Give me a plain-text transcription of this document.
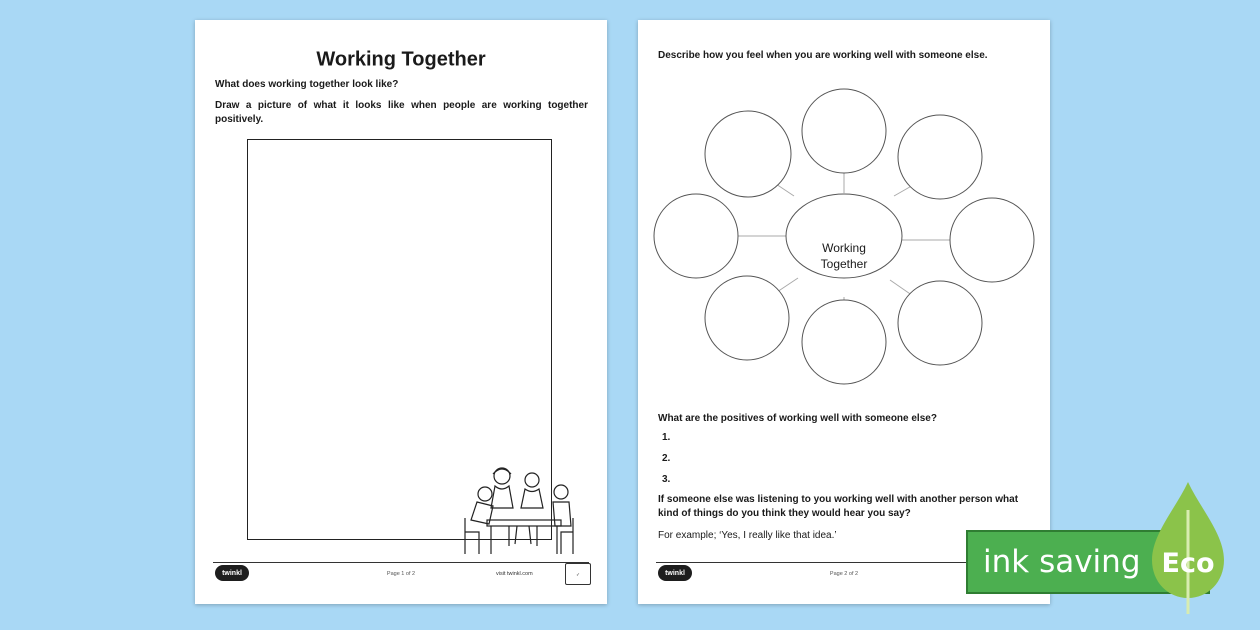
Working Together
What does working together look like?
Draw a picture of what it looks like when people are working together positively.
twinkl	Page 1 of 2	visit twinkl.com	✓
Describe how you feel when you are working well with someone else.
Working
Together
What are the positives of working well with someone else?
1.
2.
3.
If someone else was listening to you working well with another person what kind of things do you think they would hear you say?
For example; ‘Yes, I really like that idea.’
twinkl	Page 2 of 2	ink saving Eco
